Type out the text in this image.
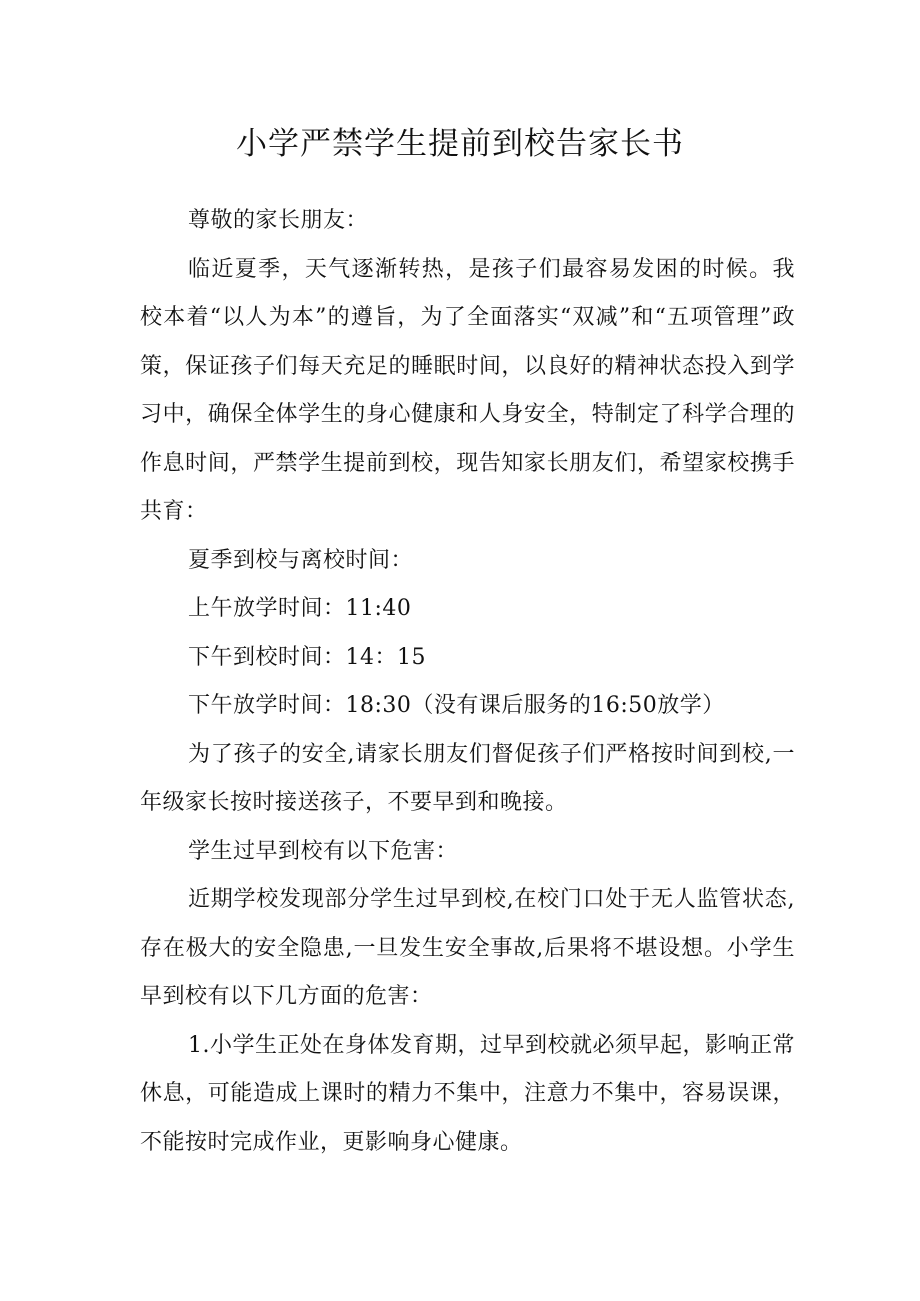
小学严禁学生提前到校告家长书

尊敬的家长朋友：

临近夏季，天气逐渐转热，是孩子们最容易发困的时候。我校本着“以人为本”的遵旨，为了全面落实“双减”和“五项管理”政策，保证孩子们每天充足的睡眠时间，以良好的精神状态投入到学习中，确保全体学生的身心健康和人身安全，特制定了科学合理的作息时间，严禁学生提前到校，现告知家长朋友们，希望家校携手共育：

夏季到校与离校时间：

上午放学时间：11:40

下午到校时间：14：15

下午放学时间：18:30（没有课后服务的16:50放学）

为了孩子的安全,请家长朋友们督促孩子们严格按时间到校,一年级家长按时接送孩子，不要早到和晚接。

学生过早到校有以下危害：

近期学校发现部分学生过早到校,在校门口处于无人监管状态,存在极大的安全隐患,一旦发生安全事故,后果将不堪设想。小学生早到校有以下几方面的危害：

1.小学生正处在身体发育期，过早到校就必须早起，影响正常休息，可能造成上课时的精力不集中，注意力不集中，容易误课，不能按时完成作业，更影响身心健康。
